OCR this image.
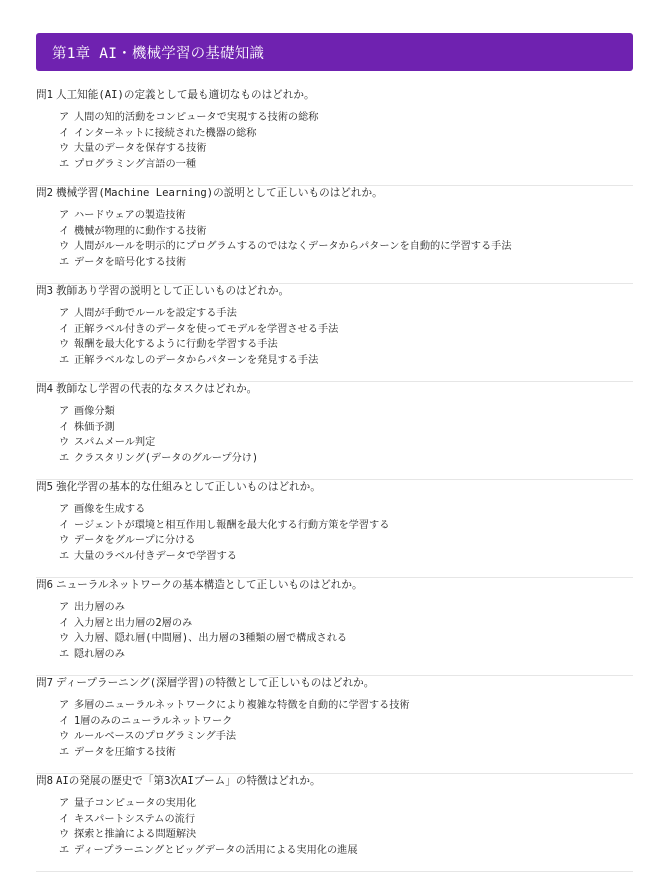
第1章 AI・機械学習の基礎知識
問1 人工知能(AI)の定義として最も適切なものはどれか。
ア 人間の知的活動をコンピュータで実現する技術の総称
イ インターネットに接続された機器の総称
ウ 大量のデータを保存する技術
エ プログラミング言語の一種
問2 機械学習(Machine Learning)の説明として正しいものはどれか。
ア ハードウェアの製造技術
イ 機械が物理的に動作する技術
ウ 人間がルールを明示的にプログラムするのではなくデータからパターンを自動的に学習する手法
エ データを暗号化する技術
問3 教師あり学習の説明として正しいものはどれか。
ア 人間が手動でルールを設定する手法
イ 正解ラベル付きのデータを使ってモデルを学習させる手法
ウ 報酬を最大化するように行動を学習する手法
エ 正解ラベルなしのデータからパターンを発見する手法
問4 教師なし学習の代表的なタスクはどれか。
ア 画像分類
イ 株価予測
ウ スパムメール判定
エ クラスタリング(データのグループ分け)
問5 強化学習の基本的な仕組みとして正しいものはどれか。
ア 画像を生成する
イ ージェントが環境と相互作用し報酬を最大化する行動方策を学習する
ウ データをグループに分ける
エ 大量のラベル付きデータで学習する
問6 ニューラルネットワークの基本構造として正しいものはどれか。
ア 出力層のみ
イ 入力層と出力層の2層のみ
ウ 入力層、隠れ層(中間層)、出力層の3種類の層で構成される
エ 隠れ層のみ
問7 ディープラーニング(深層学習)の特徴として正しいものはどれか。
ア 多層のニューラルネットワークにより複雑な特徴を自動的に学習する技術
イ 1層のみのニューラルネットワーク
ウ ルールベースのプログラミング手法
エ データを圧縮する技術
問8 AIの発展の歴史で「第3次AIブーム」の特徴はどれか。
ア 量子コンピュータの実用化
イ キスパートシステムの流行
ウ 探索と推論による問題解決
エ ディープラーニングとビッグデータの活用による実用化の進展
